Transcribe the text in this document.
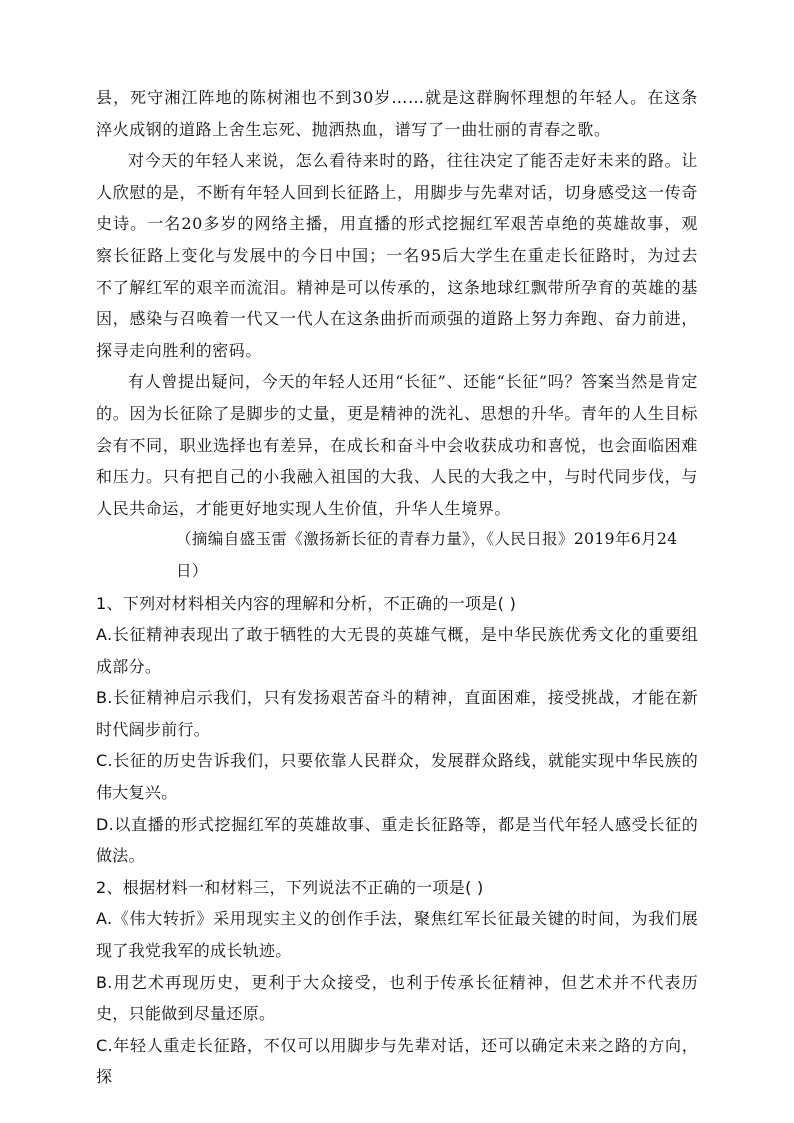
县，死守湘江阵地的陈树湘也不到30岁……就是这群胸怀理想的年轻人。在这条淬火成钢的道路上舍生忘死、抛洒热血，谱写了一曲壮丽的青春之歌。

对今天的年轻人来说，怎么看待来时的路，往往决定了能否走好未来的路。让人欣慰的是，不断有年轻人回到长征路上，用脚步与先辈对话，切身感受这一传奇史诗。一名20多岁的网络主播，用直播的形式挖掘红军艰苦卓绝的英雄故事，观察长征路上变化与发展中的今日中国；一名95后大学生在重走长征路时，为过去不了解红军的艰辛而流泪。精神是可以传承的，这条地球红飘带所孕育的英雄的基因，感染与召唤着一代又一代人在这条曲折而顽强的道路上努力奔跑、奋力前进，探寻走向胜利的密码。

有人曾提出疑问，今天的年轻人还用“长征”、还能“长征”吗？答案当然是肯定的。因为长征除了是脚步的丈量，更是精神的洗礼、思想的升华。青年的人生目标会有不同，职业选择也有差异，在成长和奋斗中会收获成功和喜悦，也会面临困难和压力。只有把自己的小我融入祖国的大我、人民的大我之中，与时代同步伐，与人民共命运，才能更好地实现人生价值，升华人生境界。

（摘编自盛玉雷《激扬新长征的青春力量》，《人民日报》2019年6月24日）

1、下列对材料相关内容的理解和分析，不正确的一项是( )

A.长征精神表现出了敢于牺牲的大无畏的英雄气概，是中华民族优秀文化的重要组成部分。

B.长征精神启示我们，只有发扬艰苦奋斗的精神，直面困难，接受挑战，才能在新时代阔步前行。

C.长征的历史告诉我们，只要依靠人民群众，发展群众路线，就能实现中华民族的伟大复兴。

D.以直播的形式挖掘红军的英雄故事、重走长征路等，都是当代年轻人感受长征的做法。

2、根据材料一和材料三，下列说法不正确的一项是( )

A.《伟大转折》采用现实主义的创作手法，聚焦红军长征最关键的时间，为我们展现了我党我军的成长轨迹。

B.用艺术再现历史，更利于大众接受，也利于传承长征精神，但艺术并不代表历史，只能做到尽量还原。

C.年轻人重走长征路，不仅可以用脚步与先辈对话，还可以确定未来之路的方向，探
